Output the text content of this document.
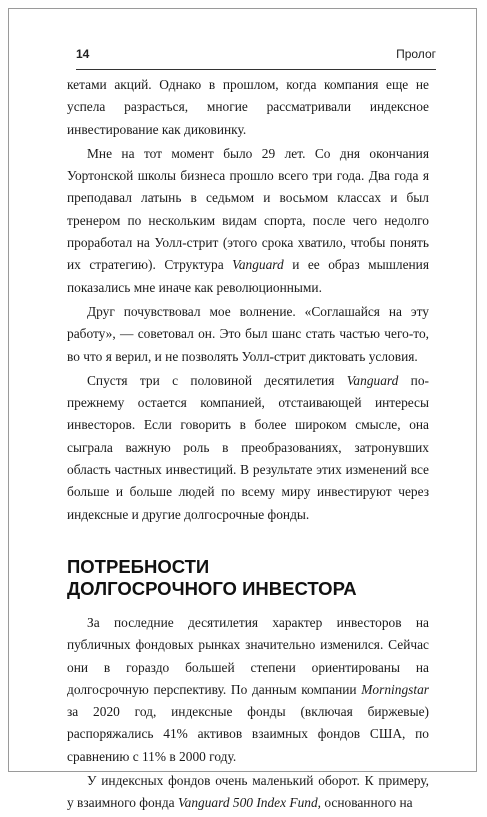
14	Пролог

кетами акций. Однако в прошлом, когда компания еще не успела разрасться, многие рассматривали индексное инвестирование как диковинку.

Мне на тот момент было 29 лет. Со дня окончания Уортонской школы бизнеса прошло всего три года. Два года я преподавал латынь в седьмом и восьмом классах и был тренером по нескольким видам спорта, после чего недолго проработал на Уолл-стрит (этого срока хватило, чтобы понять их стратегию). Структура Vanguard и ее образ мышления показались мне иначе как революционными.

Друг почувствовал мое волнение. «Соглашайся на эту работу», — советовал он. Это был шанс стать частью чего-то, во что я верил, и не позволять Уолл-стрит диктовать условия.

Спустя три с половиной десятилетия Vanguard по-прежнему остается компанией, отстаивающей интересы инвесторов. Если говорить в более широком смысле, она сыграла важную роль в преобразованиях, затронувших область частных инвестиций. В результате этих изменений все больше и больше людей по всему миру инвестируют через индексные и другие долгосрочные фонды.

ПОТРЕБНОСТИ
ДОЛГОСРОЧНОГО ИНВЕСТОРА

За последние десятилетия характер инвесторов на публичных фондовых рынках значительно изменился. Сейчас они в гораздо большей степени ориентированы на долгосрочную перспективу. По данным компании Morningstar за 2020 год, индексные фонды (включая биржевые) распоряжались 41% активов взаимных фондов США, по сравнению с 11% в 2000 году.

У индексных фондов очень маленький оборот. К примеру, у взаимного фонда Vanguard 500 Index Fund, основанного на
